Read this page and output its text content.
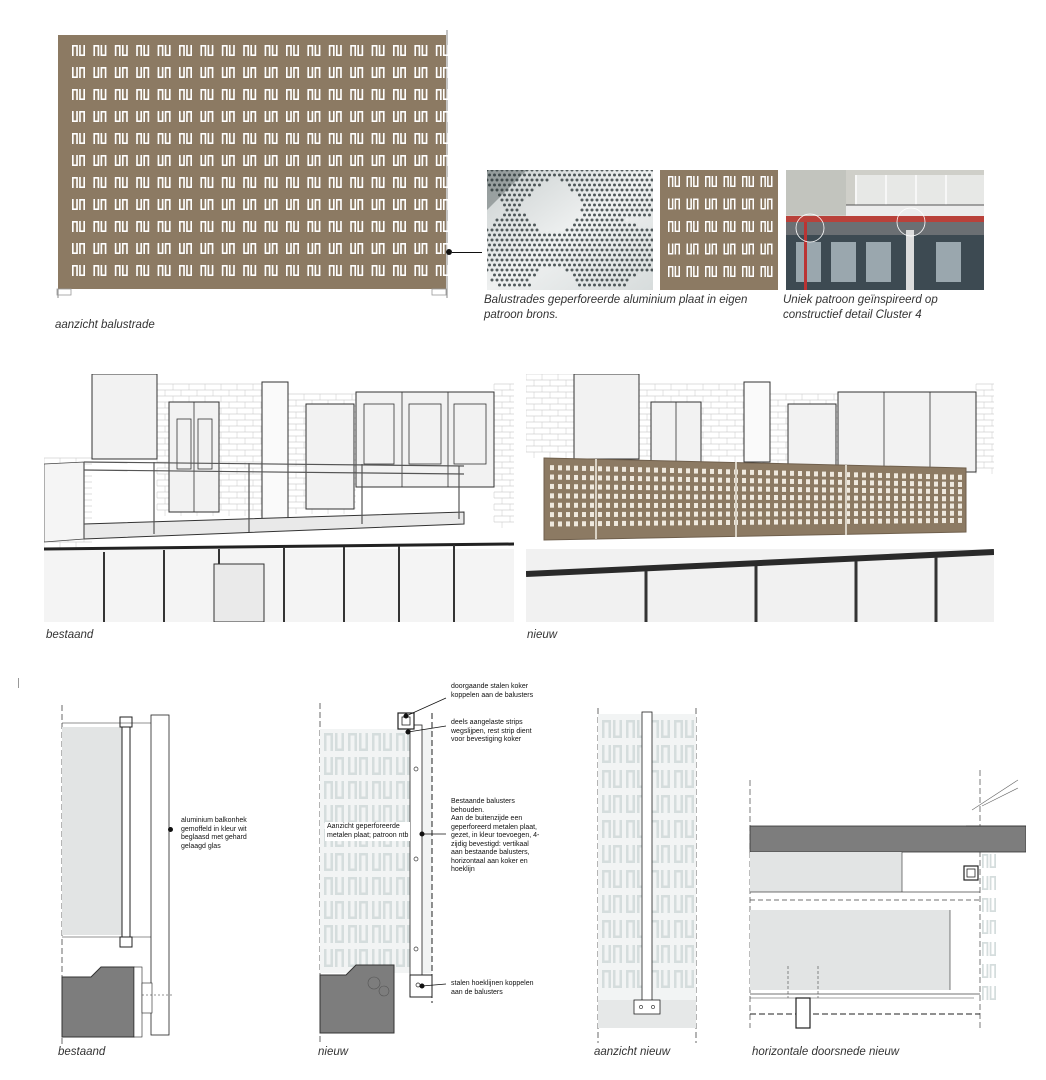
aanzicht balustrade
Balustrades geperforeerde aluminium plaat in eigen patroon brons.
Uniek patroon geïnspireerd op constructief detail Cluster 4
bestaand	nieuw
aluminium balkonhek
gemoffeld in kleur wit
beglaasd met gehard
gelaagd glas
doorgaande stalen koker
koppelen aan de balusters
deels aangelaste strips
wegslijpen, rest strip dient
voor bevestiging koker
Aanzicht geperforeerde
metalen plaat; patroon ntb
Bestaande balusters
behouden.
Aan de buitenzijde een
geperforeerd metalen plaat,
gezet, in kleur toevoegen, 4-
zijdig bevestigd: vertikaal
aan bestaande balusters,
horizontaal aan koker en
hoeklijn
stalen hoeklijnen koppelen
aan de balusters
bestaand	nieuw	aanzicht nieuw	horizontale doorsnede nieuw
